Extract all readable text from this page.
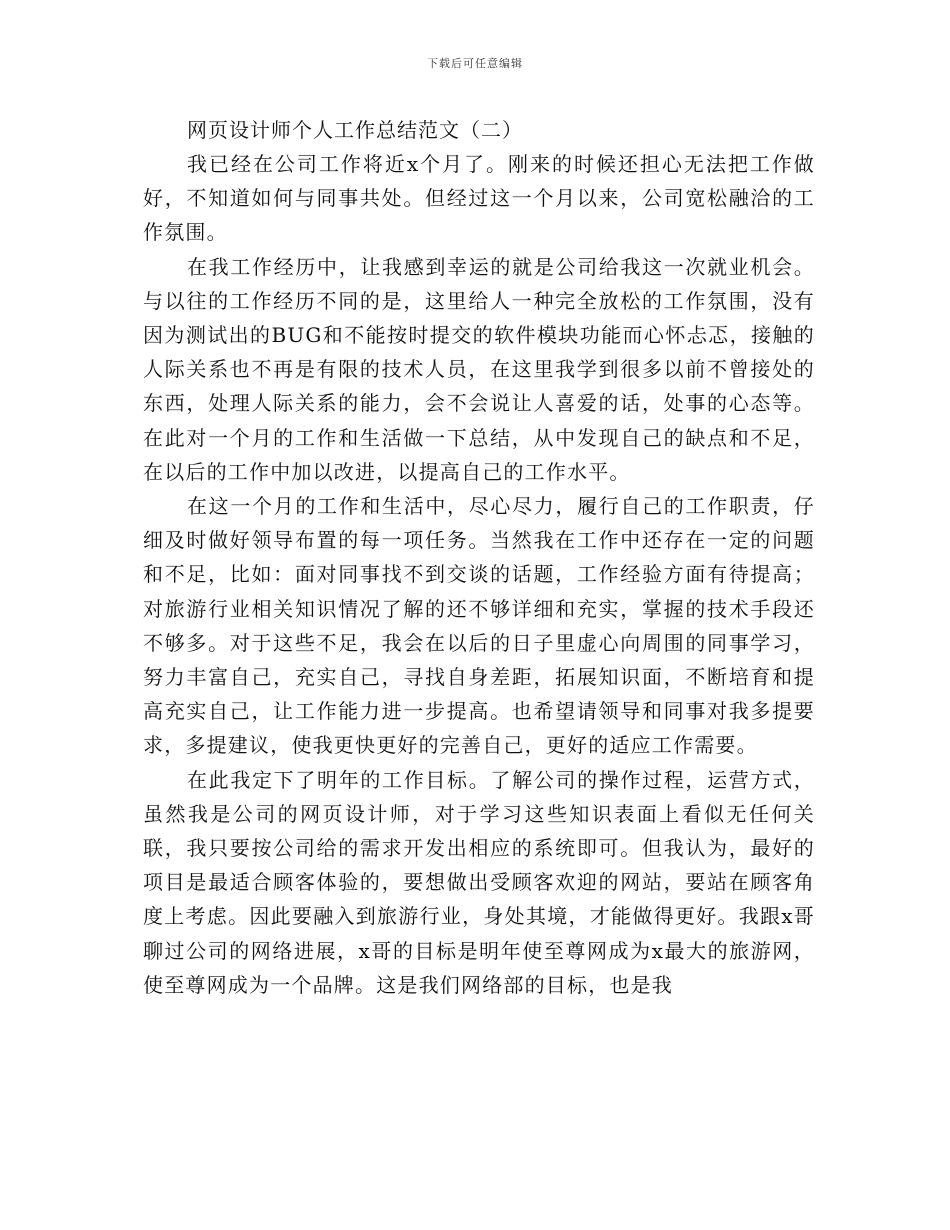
下载后可任意编辑

网页设计师个人工作总结范文（二）

我已经在公司工作将近x个月了。刚来的时候还担心无法把工作做好，不知道如何与同事共处。但经过这一个月以来，公司宽松融洽的工作氛围。

在我工作经历中，让我感到幸运的就是公司给我这一次就业机会。与以往的工作经历不同的是，这里给人一种完全放松的工作氛围，没有因为测试出的BUG和不能按时提交的软件模块功能而心怀忐忑，接触的人际关系也不再是有限的技术人员，在这里我学到很多以前不曾接处的东西，处理人际关系的能力，会不会说让人喜爱的话，处事的心态等。在此对一个月的工作和生活做一下总结，从中发现自己的缺点和不足，在以后的工作中加以改进，以提高自己的工作水平。

在这一个月的工作和生活中，尽心尽力，履行自己的工作职责，仔细及时做好领导布置的每一项任务。当然我在工作中还存在一定的问题和不足，比如：面对同事找不到交谈的话题，工作经验方面有待提高；对旅游行业相关知识情况了解的还不够详细和充实，掌握的技术手段还不够多。对于这些不足，我会在以后的日子里虚心向周围的同事学习，努力丰富自己，充实自己，寻找自身差距，拓展知识面，不断培育和提高充实自己，让工作能力进一步提高。也希望请领导和同事对我多提要求，多提建议，使我更快更好的完善自己，更好的适应工作需要。

在此我定下了明年的工作目标。了解公司的操作过程，运营方式，虽然我是公司的网页设计师，对于学习这些知识表面上看似无任何关联，我只要按公司给的需求开发出相应的系统即可。但我认为，最好的项目是最适合顾客体验的，要想做出受顾客欢迎的网站，要站在顾客角度上考虑。因此要融入到旅游行业，身处其境，才能做得更好。我跟x哥聊过公司的网络进展，x哥的目标是明年使至尊网成为x最大的旅游网，使至尊网成为一个品牌。这是我们网络部的目标，也是我
